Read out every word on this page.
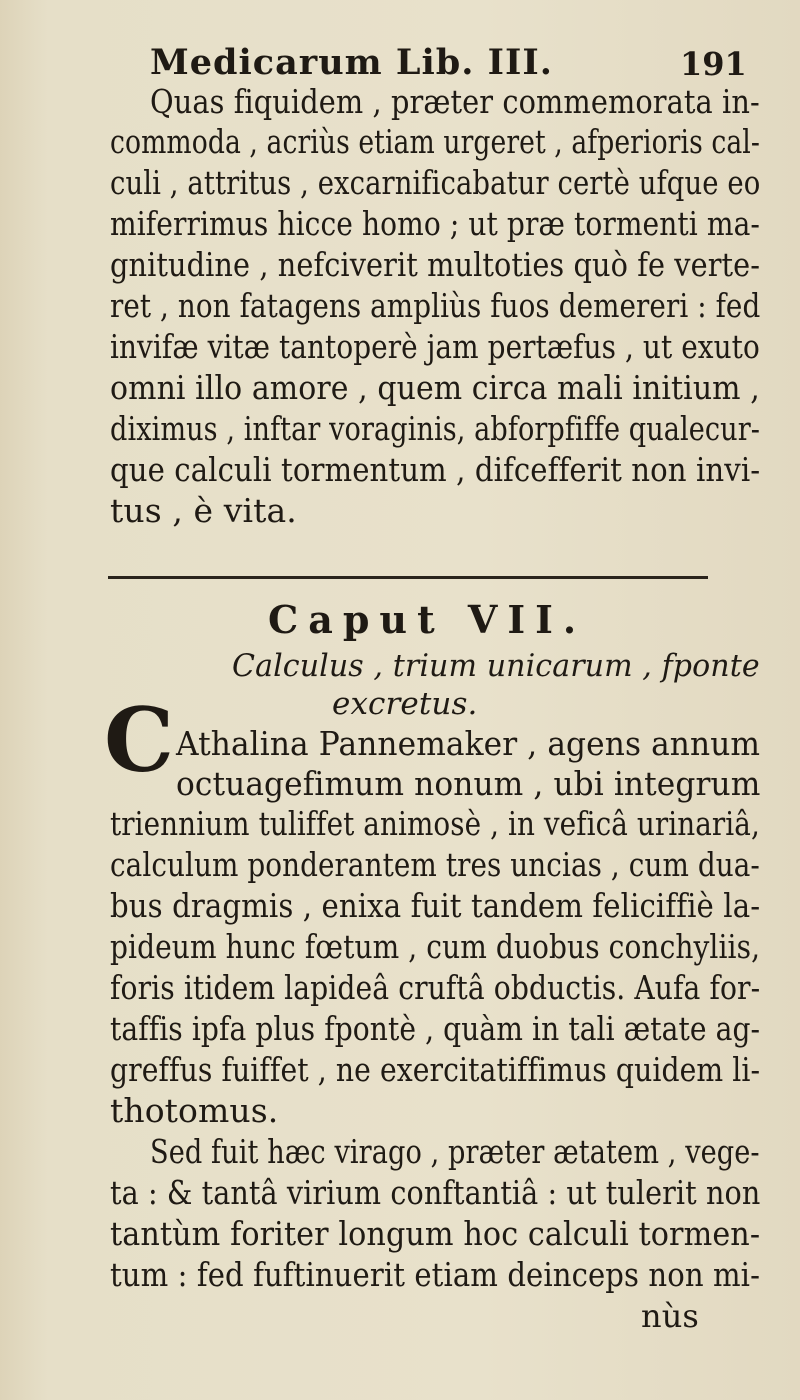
Medicarum Lib. III.	191
Quas fiquidem , præter commemorata in-
commoda , acriùs etiam urgeret , afperioris cal-
culi , attritus , excarnificabatur certè ufque eo
miferrimus hicce homo ; ut præ tormenti ma-
gnitudine , nefciverit multoties quò fe verte-
ret , non fatagens ampliùs fuos demereri : fed
invifæ vitæ tantoperè jam pertæfus , ut exuto
omni illo amore , quem circa mali initium ,
diximus , inftar voraginis, abforpfiffe qualecur-
que calculi tormentum , difcefferit non invi-
tus , è vita.
Caput VII.
Calculus , trium unicarum , fponte
excretus.
C Athalina Pannemaker , agens annum
octuagefimum nonum , ubi integrum
triennium tuliffet animosè , in veficâ urinariâ,
calculum ponderantem tres uncias , cum dua-
bus dragmis , enixa fuit tandem feliciffiè la-
pideum hunc fœtum , cum duobus conchyliis,
foris itidem lapideâ cruftâ obductis. Aufa for-
taffis ipfa plus fpontè , quàm in tali ætate ag-
greffus fuiffet , ne exercitatiffimus quidem li-
thotomus.
Sed fuit hæc virago , præter ætatem , vege-
ta : & tantâ virium conftantiâ : ut tulerit non
tantùm foriter longum hoc calculi tormen-
tum : fed fuftinuerit etiam deinceps non mi-
nùs
